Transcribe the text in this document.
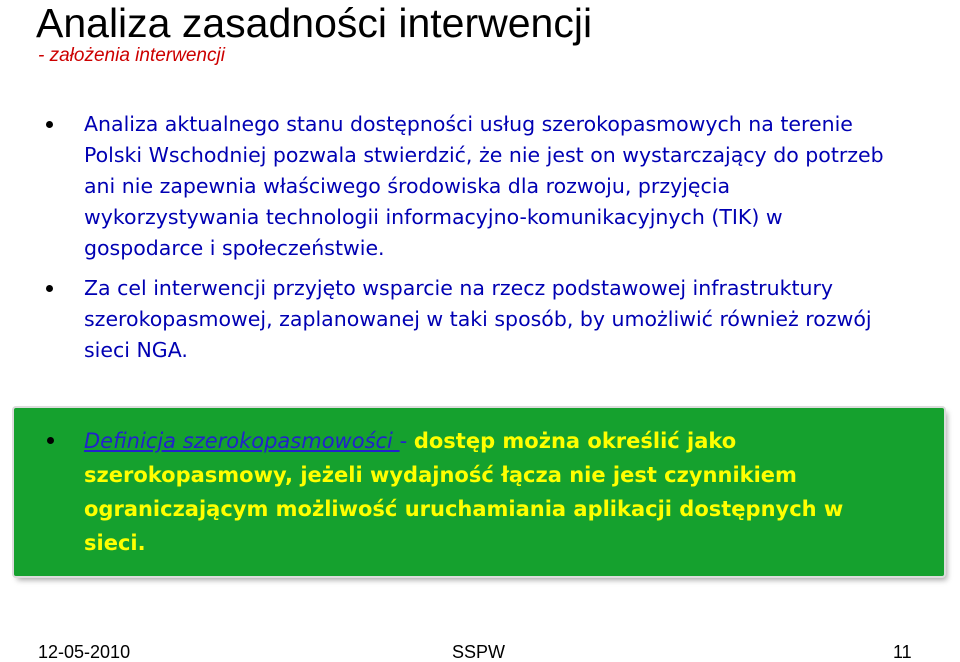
Analiza zasadności interwencji
- założenia interwencji
Analiza aktualnego stanu dostępności usług szerokopasmowych na terenie Polski Wschodniej pozwala stwierdzić, że nie jest on wystarczający do potrzeb ani nie zapewnia właściwego środowiska dla rozwoju, przyjęcia wykorzystywania technologii informacyjno-komunikacyjnych (TIK) w gospodarce i społeczeństwie.
Za cel interwencji przyjęto wsparcie na rzecz podstawowej infrastruktury szerokopasmowej, zaplanowanej w taki sposób, by umożliwić również rozwój sieci NGA.
Definicja szerokopasmowości - dostęp można określić jako szerokopasmowy, jeżeli wydajność łącza nie jest czynnikiem ograniczającym możliwość uruchamiania aplikacji dostępnych w sieci.
12-05-2010	SSPW	11
